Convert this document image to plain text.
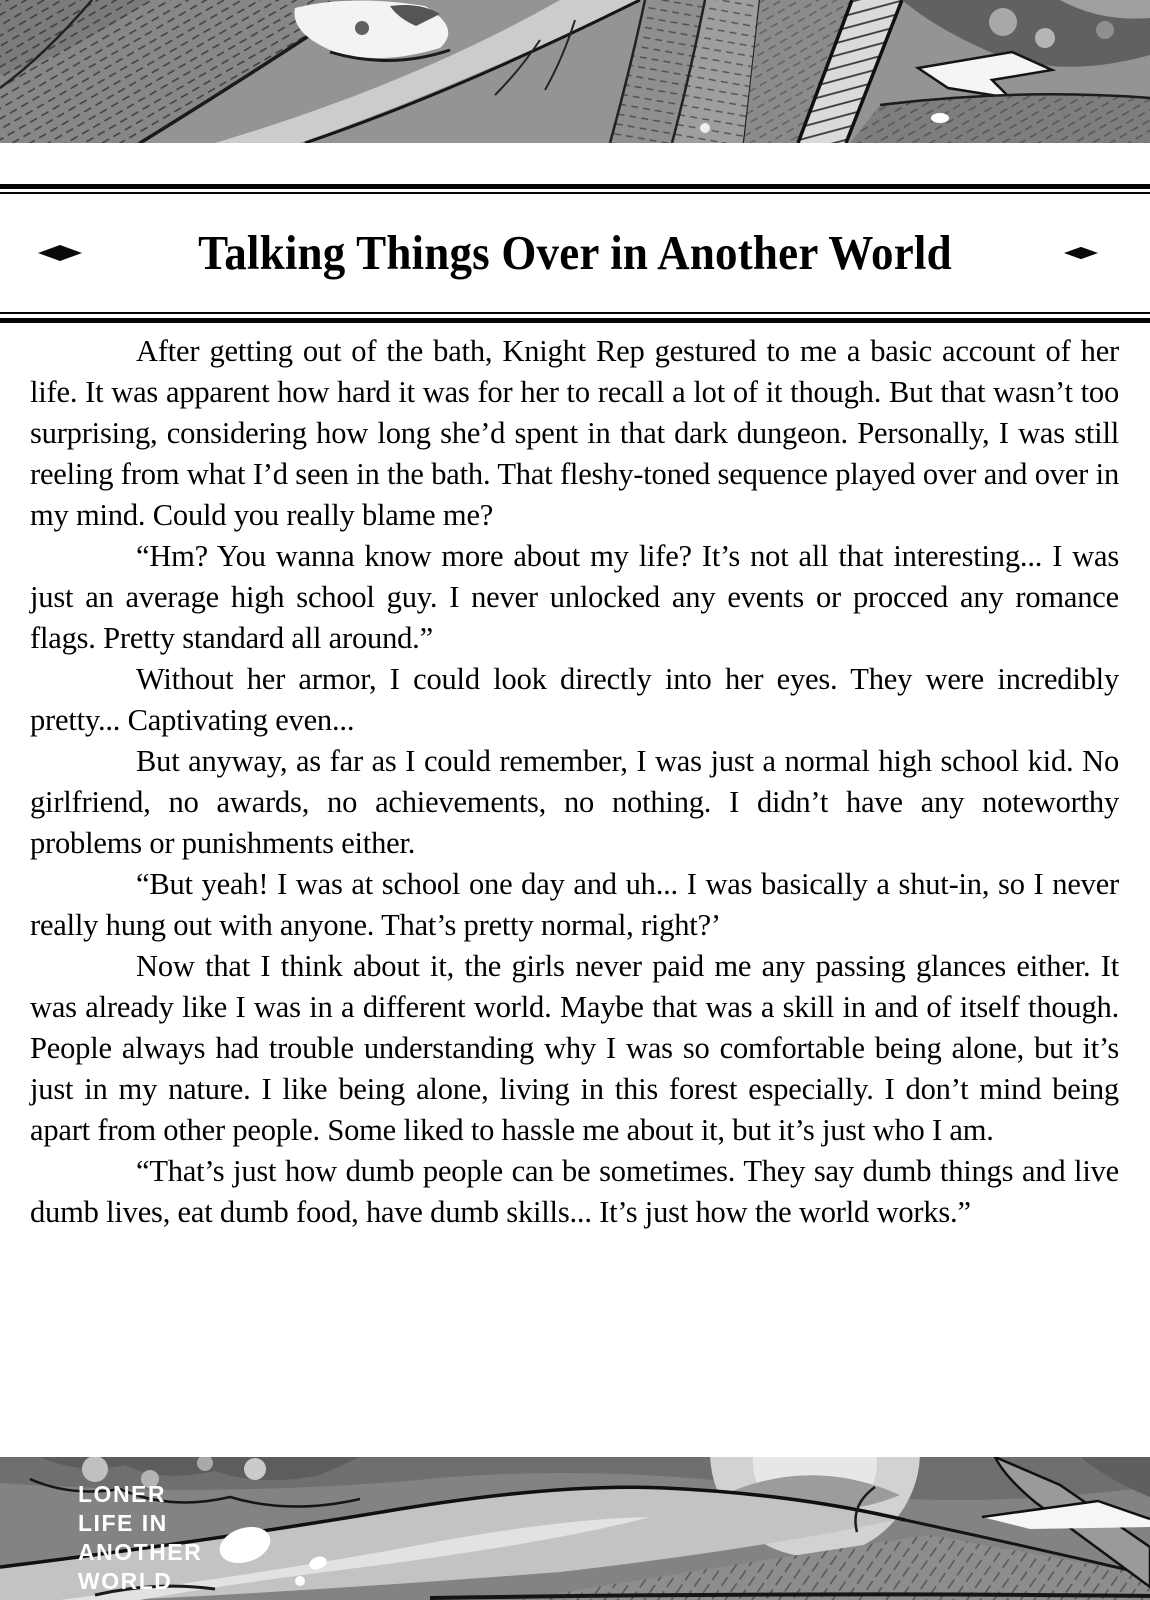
Talking Things Over in Another World

After getting out of the bath, Knight Rep gestured to me a basic account of her life. It was apparent how hard it was for her to recall a lot of it though. But that wasn’t too surprising, considering how long she’d spent in that dark dungeon. Personally, I was still reeling from what I’d seen in the bath. That fleshy-toned sequence played over and over in my mind. Could you really blame me?

“Hm? You wanna know more about my life? It’s not all that interesting... I was just an average high school guy. I never unlocked any events or procced any romance flags. Pretty standard all around.”

Without her armor, I could look directly into her eyes. They were incredibly pretty... Captivating even...

But anyway, as far as I could remember, I was just a normal high school kid. No girlfriend, no awards, no achievements, no nothing. I didn’t have any noteworthy problems or punishments either.

“But yeah! I was at school one day and uh... I was basically a shut-in, so I never really hung out with anyone. That’s pretty normal, right?’

Now that I think about it, the girls never paid me any passing glances either. It was already like I was in a different world. Maybe that was a skill in and of itself though. People always had trouble understanding why I was so comfortable being alone, but it’s just in my nature. I like being alone, living in this forest especially. I don’t mind being apart from other people. Some liked to hassle me about it, but it’s just who I am.

“That’s just how dumb people can be sometimes. They say dumb things and live dumb lives, eat dumb food, have dumb skills... It’s just how the world works.”

LONER
LIFE IN
ANOTHER
WORLD
